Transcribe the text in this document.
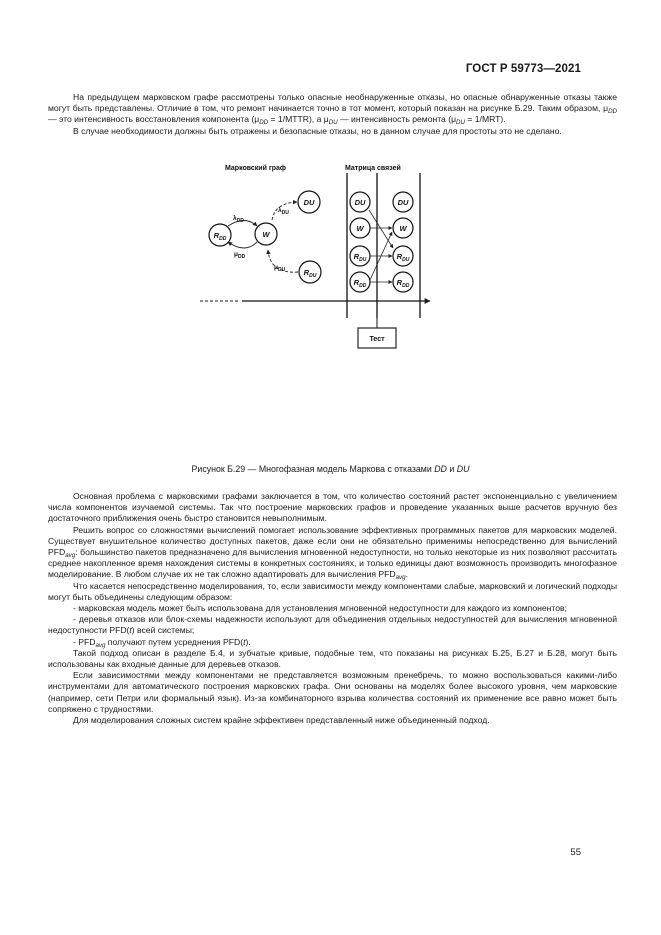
ГОСТ Р 59773—2021

На предыдущем марковском графе рассмотрены только опасные необнаруженные отказы, но опасные обнаруженные отказы также могут быть представлены. Отличие в том, что ремонт начинается точно в тот момент, который показан на рисунке Б.29. Таким образом, $\mu_{DD}$ — это интенсивность восстановления компонента ($\mu_{DD}$ = 1/MTTR), а $\mu_{DU}$ — интенсивность ремонта $(\mu_{DU} = 1/MRT)$.

В случае необходимости должны быть отражены и безопасные отказы, но в данном случае для простоты это не сделано.

Марковский граф	Матрица связей
Тест
$R_{DD}$	W
DU
$R_{DU}$
$\lambda_{DD}$
$\mu_{DD}$
$\lambda_{DU}$
$\mu_{DU}$
DU
W
$R_{DU}$
$R_{DD}$
DU
W
$R_{DU}$
$R_{DD}$
Рисунок Б.29 — Многофазная модель Маркова с отказами DD и DU

Основная проблема с марковскими графами заключается в том, что количество состояний растет экспоненциально с увеличением числа компонентов изучаемой системы. Так что построение марковских графов и проведение указанных выше расчетов вручную без достаточного приближения очень быстро становится невыполнимым.

Решить вопрос со сложностями вычислений помогает использование эффективных программных пакетов для марковских моделей. Существует внушительное количество доступных пакетов, даже если они не обязательно применимы непосредственно для вычислений $PFD_{avg}$: большинство пакетов предназначено для вычисления мгновенной недоступности, но только некоторые из них позволяют рассчитать среднее накопленное время нахождения системы в конкретных состояниях, и только единицы дают возможность производить многофазное моделирование. В любом случае их не так сложно адаптировать для вычисления $PFD_{avg}$.

Что касается непосредственно моделирования, то, если зависимости между компонентами слабые, марковский и логический подходы могут быть объединены следующим образом:

- марковская модель может быть использована для установления мгновенной недоступности для каждого из компонентов;

- деревья отказов или блок-схемы надежности используют для объединения отдельных недоступностей для вычисления мгновенной недоступности PFD(t) всей системы;

- $PFD_{avg}$ получают путем усреднения PFD(t).

Такой подход описан в разделе Б.4, и зубчатые кривые, подобные тем, что показаны на рисунках Б.25, Б.27 и Б.28, могут быть использованы как входные данные для деревьев отказов.

Если зависимостями между компонентами не представляется возможным пренебречь, то можно воспользоваться какими-либо инструментами для автоматического построения марковских графа. Они основаны на моделях более высокого уровня, чем марковские (например, сети Петри или формальный язык). Из-за комбинаторного взрыва количества состояний их применение все равно может быть сопряжено с трудностями.

Для моделирования сложных систем крайне эффективен представленный ниже объединенный подход.

55
